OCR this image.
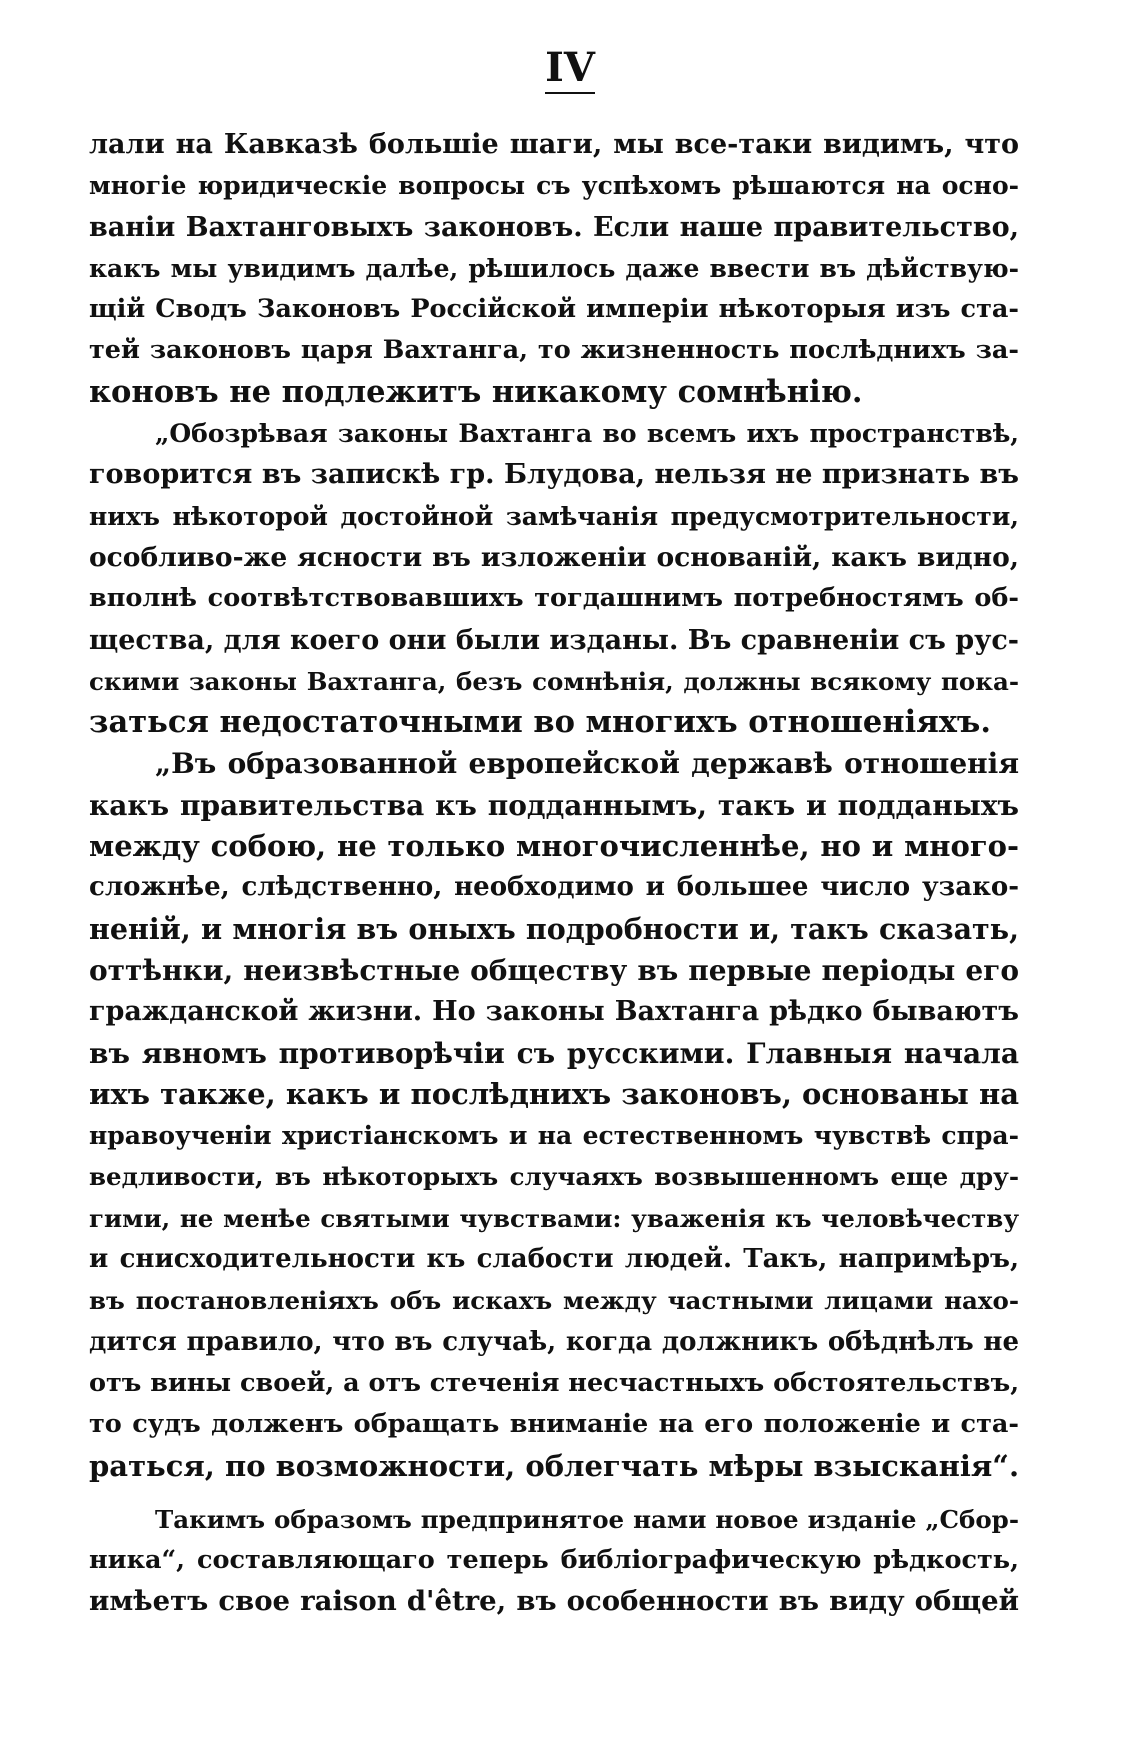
IV
лали на Кавказѣ большіе шаги, мы все-таки видимъ, что
многіе юридическіе вопросы съ успѣхомъ рѣшаются на осно-
ваніи Вахтанговыхъ законовъ. Если наше правительство,
какъ мы увидимъ далѣе, рѣшилось даже ввести въ дѣйствую-
щій Сводъ Законовъ Россійской имперіи нѣкоторыя изъ ста-
тей законовъ царя Вахтанга, то жизненность послѣднихъ за-
коновъ не подлежитъ никакому сомнѣнію.
„Обозрѣвая законы Вахтанга во всемъ ихъ пространствѣ,
говорится въ запискѣ гр. Блудова, нельзя не признать въ
нихъ нѣкоторой достойной замѣчанія предусмотрительности,
особливо-же ясности въ изложеніи основаній, какъ видно,
вполнѣ соотвѣтствовавшихъ тогдашнимъ потребностямъ об-
щества, для коего они были изданы. Въ сравненіи съ рус-
скими законы Вахтанга, безъ сомнѣнія, должны всякому пока-
заться недостаточными во многихъ отношеніяхъ.
„Въ образованной европейской державѣ отношенія
какъ правительства къ подданнымъ, такъ и подданыхъ
между собою, не только многочисленнѣе, но и много-
сложнѣе, слѣдственно, необходимо и большее число узако-
неній, и многія въ оныхъ подробности и, такъ сказать,
оттѣнки, неизвѣстные обществу въ первые періоды его
гражданской жизни. Но законы Вахтанга рѣдко бываютъ
въ явномъ противорѣчіи съ русскими. Главныя начала
ихъ также, какъ и послѣднихъ законовъ, основаны на
нравоученіи христіанскомъ и на естественномъ чувствѣ спра-
ведливости, въ нѣкоторыхъ случаяхъ возвышенномъ еще дру-
гими, не менѣе святыми чувствами: уваженія къ человѣчеству
и снисходительности къ слабости людей. Такъ, напримѣръ,
въ постановленіяхъ объ искахъ между частными лицами нахо-
дится правило, что въ случаѣ, когда должникъ обѣднѣлъ не
отъ вины своей, а отъ стеченія несчастныхъ обстоятельствъ,
то судъ долженъ обращать вниманіе на его положеніе и ста-
раться, по возможности, облегчать мѣры взысканія“.
Такимъ образомъ предпринятое нами новое изданіе „Сбор-
ника“, составляющаго теперь библіографическую рѣдкость,
имѣетъ свое raison d'être, въ особенности въ виду общей
